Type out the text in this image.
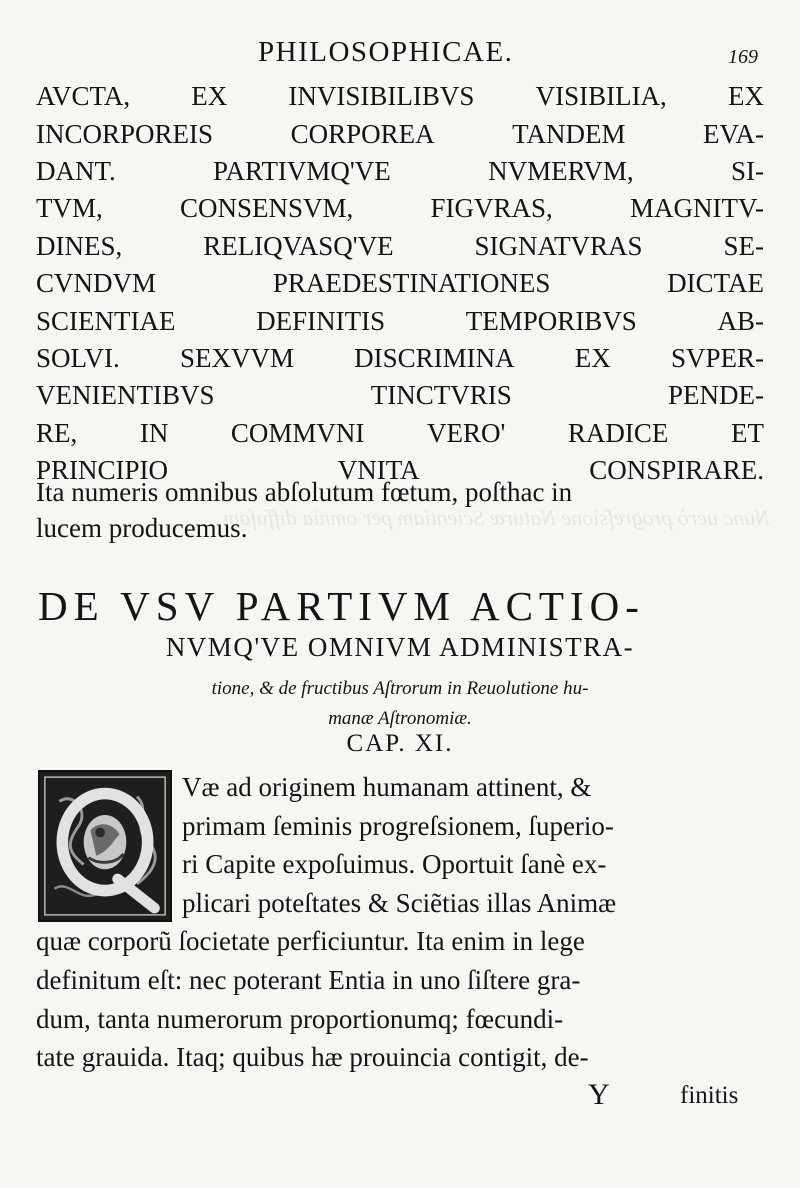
Nunc uerò progreſsione Naturæ Scientiam per omnia diffuſam
PHILOSOPHICAE.	169
AVCTA, EX INVISIBILIBVS VISIBILIA, EX
INCORPOREIS	CORPOREA	TANDEM	EVA-
DANT.	PARTIVMQ'VE	NVMERVM,	SI-
TVM,	CONSENSVM,	FIGVRAS,	MAGNITV-
DINES,	RELIQVASQ'VE	SIGNATVRAS	SE-
CVNDVM	PRAEDESTINATIONES	DICTAE
SCIENTIAE	DEFINITIS	TEMPORIBVS	AB-
SOLVI. SEXVVM DISCRIMINA EX SVPER-
VENIENTIBVS	TINCTVRIS	PENDE-
RE, IN COMMVNI VERO' RADICE ET
PRINCIPIO	VNITA	CONSPIRARE.
Ita numeris omnibus abſolutum fœtum, poſthac in
lucem producemus.
DE VSV PARTIVM ACTIO-
NVMQ'VE OMNIVM ADMINISTRA-
tione, & de fructibus Aſtrorum in Reuolutione hu-
manæ Aſtronomiæ.
CAP. XI.
Væ ad originem humanam attinent, &
primam ſeminis progreſsionem, ſuperio-
ri Capite expoſuimus. Oportuit ſanè ex-
plicari poteſtates & Sciẽtias illas Animæ
quæ corporũ ſocietate perficiuntur. Ita enim in lege
definitum eſt: nec poterant Entia in uno ſiſtere gra-
dum, tanta numerorum proportionumq; fœcundi-
tate grauida. Itaq; quibus hæ prouincia contigit, de-
Y	finitis
